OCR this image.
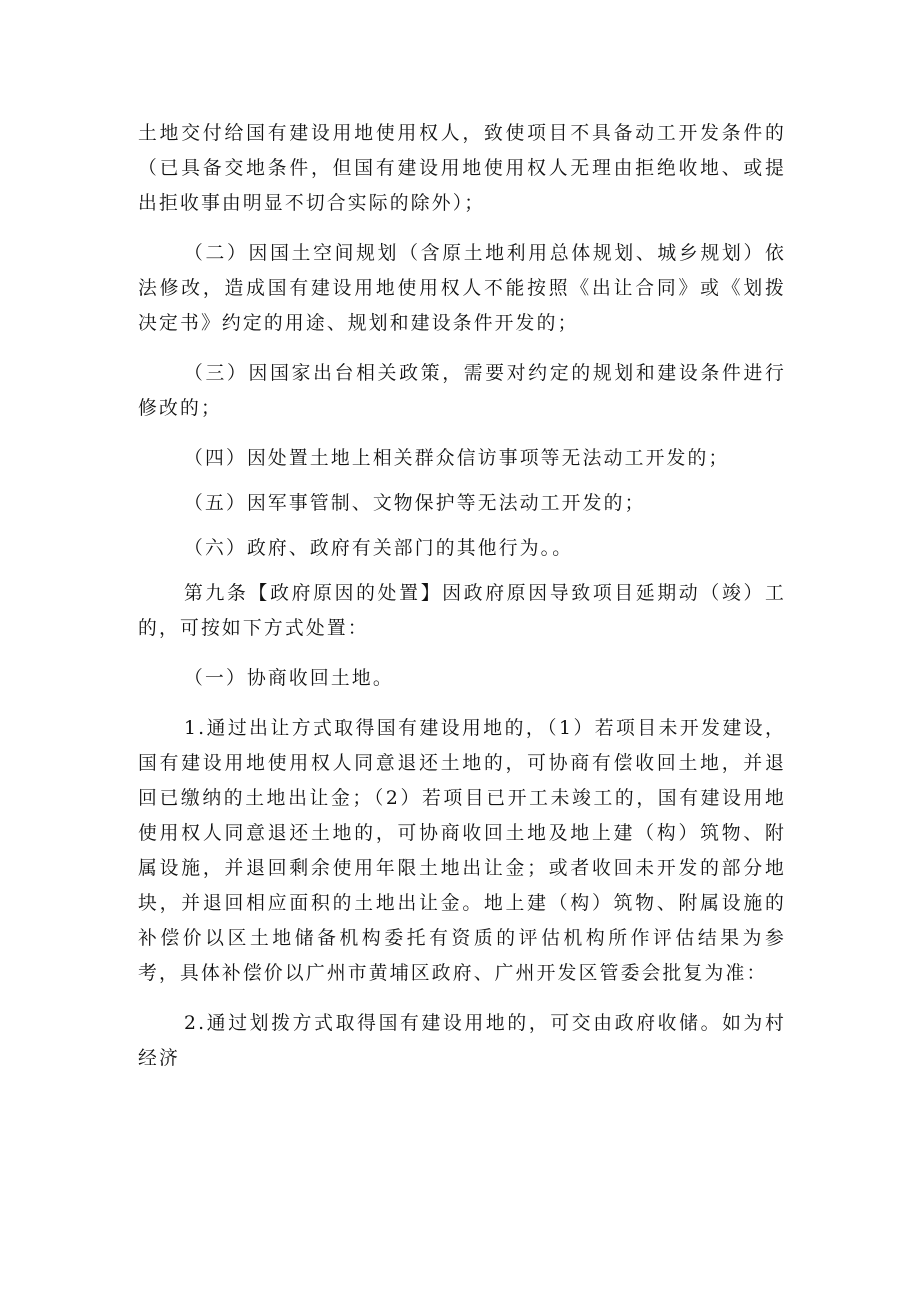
土地交付给国有建设用地使用权人，致使项目不具备动工开发条件的（已具备交地条件，但国有建设用地使用权人无理由拒绝收地、或提出拒收事由明显不切合实际的除外）；

（二）因国土空间规划（含原土地利用总体规划、城乡规划）依法修改，造成国有建设用地使用权人不能按照《出让合同》或《划拨决定书》约定的用途、规划和建设条件开发的；

（三）因国家出台相关政策，需要对约定的规划和建设条件进行修改的；

（四）因处置土地上相关群众信访事项等无法动工开发的；

（五）因军事管制、文物保护等无法动工开发的；

（六）政府、政府有关部门的其他行为。。

第九条【政府原因的处置】因政府原因导致项目延期动（竣）工的，可按如下方式处置：

（一）协商收回土地。

1.通过出让方式取得国有建设用地的，（1）若项目未开发建设，国有建设用地使用权人同意退还土地的，可协商有偿收回土地，并退回已缴纳的土地出让金；（2）若项目已开工未竣工的，国有建设用地使用权人同意退还土地的，可协商收回土地及地上建（构）筑物、附属设施，并退回剩余使用年限土地出让金；或者收回未开发的部分地块，并退回相应面积的土地出让金。地上建（构）筑物、附属设施的补偿价以区土地储备机构委托有资质的评估机构所作评估结果为参考，具体补偿价以广州市黄埔区政府、广州开发区管委会批复为准：

2.通过划拨方式取得国有建设用地的，可交由政府收储。如为村经济
